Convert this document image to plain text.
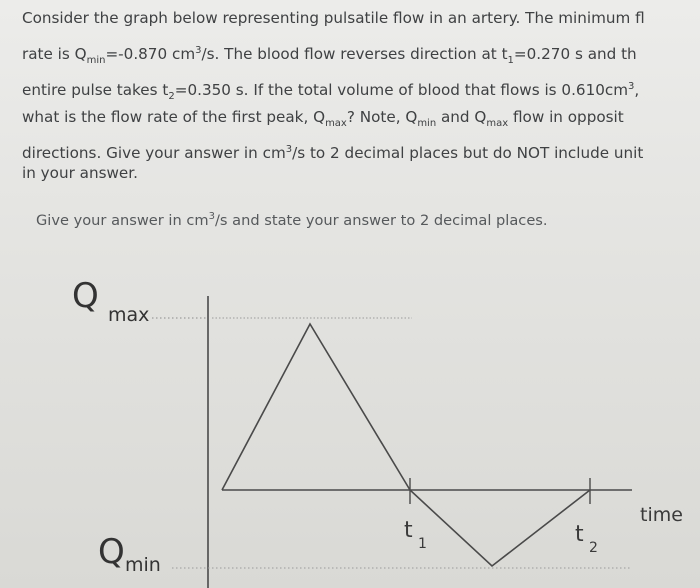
Consider the graph below representing pulsatile flow in an artery. The minimum fl
rate is $Q_{min}=-0.870$ $cm^3/s$. The blood flow reverses direction at $t_1=0.270$ s and th
entire pulse takes $t_2=0.350$ s. If the total volume of blood that flows is $0.610cm^3$,
what is the flow rate of the first peak, $Q_{max}$? Note, $Q_{min}$ and $Q_{max}$ flow in opposit
directions. Give your answer in $cm^3/s$ to 2 decimal places but do NOT include unit
in your answer.
Give your answer in $cm^3/s$ and state your answer to 2 decimal places.
Q max
Q min
t
1	t
2
time
